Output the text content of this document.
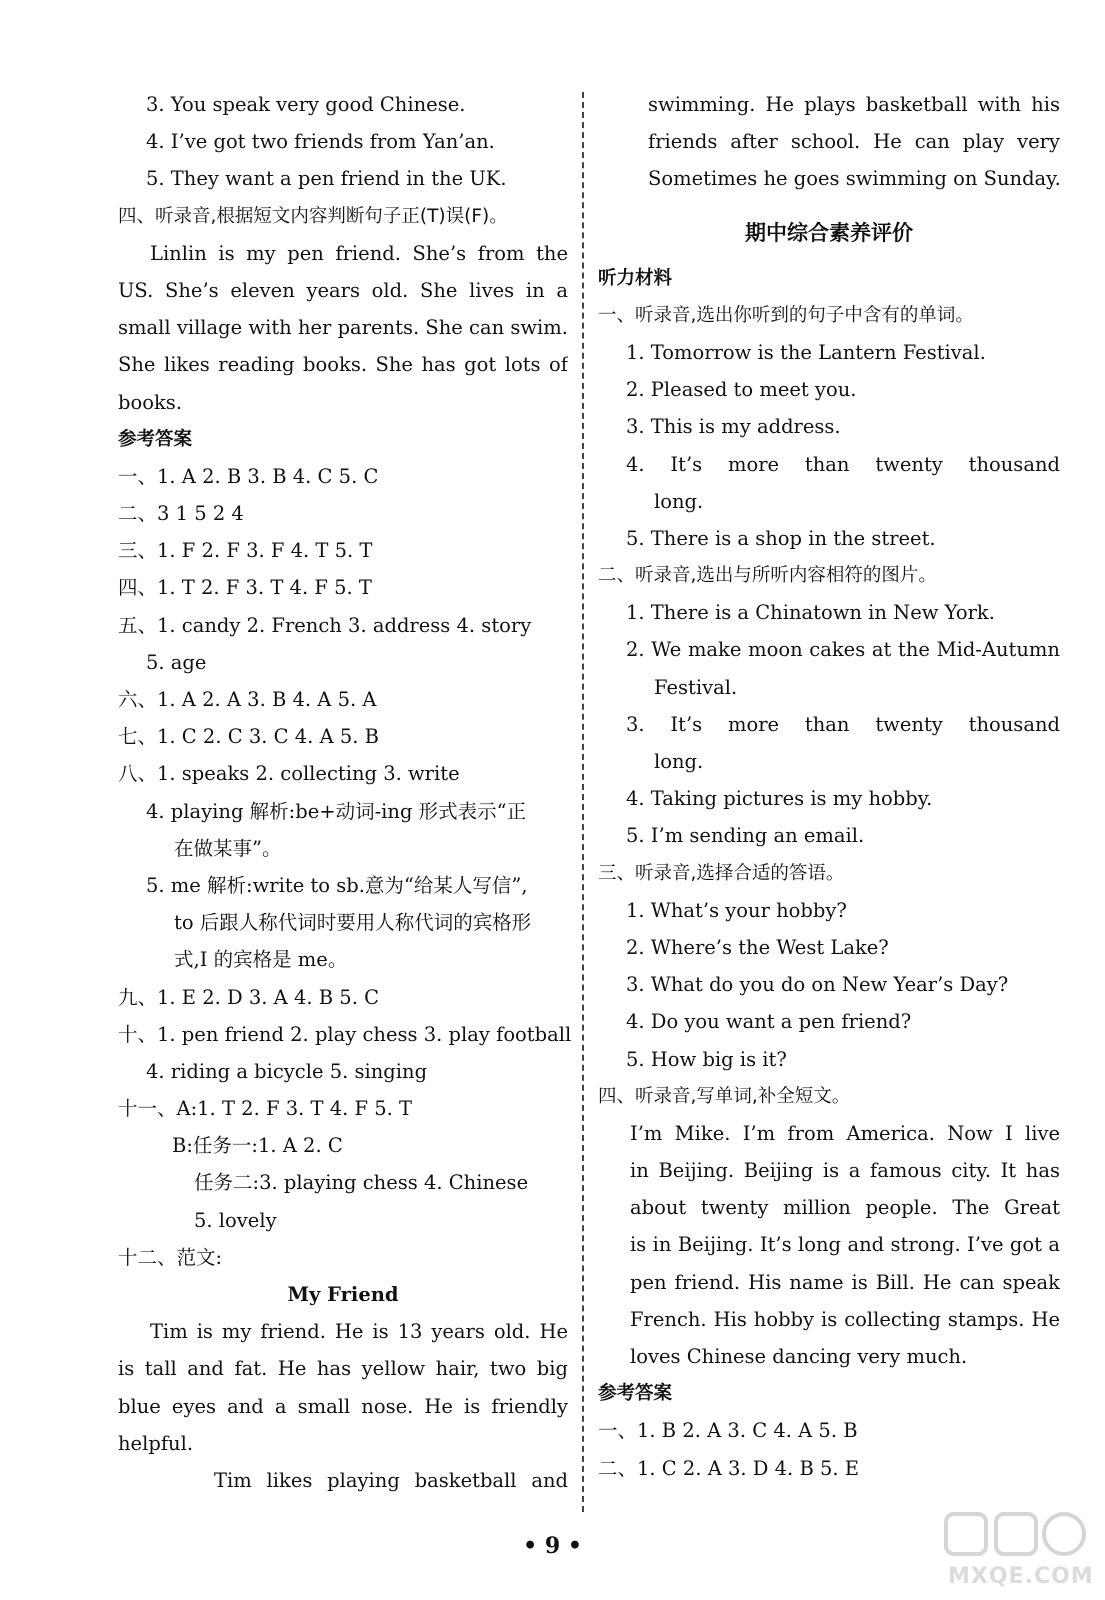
3. You speak very good Chinese.
4. I’ve got two friends from Yan’an.
5. They want a pen friend in the UK.
四、听录音,根据短文内容判断句子正(T)误(F)。
Linlin is my pen friend. She’s from the
US. She’s eleven years old. She lives in a
small village with her parents. She can swim.
She likes reading books. She has got lots of
books.
参考答案
一、1. A 2. B 3. B 4. C 5. C
二、3 1 5 2 4
三、1. F 2. F 3. F 4. T 5. T
四、1. T 2. F 3. T 4. F 5. T
五、1. candy 2. French 3. address 4. story
5. age
六、1. A 2. A 3. B 4. A 5. A
七、1. C 2. C 3. C 4. A 5. B
八、1. speaks 2. collecting 3. write
4. playing 解析:be+动词-ing 形式表示“正
在做某事”。
5. me 解析:write to sb.意为“给某人写信”,
to 后跟人称代词时要用人称代词的宾格形
式,I 的宾格是 me。
九、1. E 2. D 3. A 4. B 5. C
十、1. pen friend 2. play chess 3. play football
4. riding a bicycle 5. singing
十一、A:1. T 2. F 3. T 4. F 5. T
B:任务一:1. A 2. C
任务二:3. playing chess 4. Chinese
5. lovely
十二、范文:
My Friend
Tim is my friend. He is 13 years old. He
is tall and fat. He has yellow hair, two big
blue eyes and a small nose. He is friendly
helpful.
Tim likes playing basketball and
swimming. He plays basketball with his
friends after school. He can play very
Sometimes he goes swimming on Sunday.
期中综合素养评价
听力材料
一、听录音,选出你听到的句子中含有的单词。
1. Tomorrow is the Lantern Festival.
2. Pleased to meet you.
3. This is my address.
4. It’s more than twenty thousand
long.
5. There is a shop in the street.
二、听录音,选出与所听内容相符的图片。
1. There is a Chinatown in New York.
2. We make moon cakes at the Mid-Autumn
Festival.
3. It’s more than twenty thousand
long.
4. Taking pictures is my hobby.
5. I’m sending an email.
三、听录音,选择合适的答语。
1. What’s your hobby?
2. Where’s the West Lake?
3. What do you do on New Year’s Day?
4. Do you want a pen friend?
5. How big is it?
四、听录音,写单词,补全短文。
I’m Mike. I’m from America. Now I live
in Beijing. Beijing is a famous city. It has
about twenty million people. The Great
is in Beijing. It’s long and strong. I’ve got a
pen friend. His name is Bill. He can speak
French. His hobby is collecting stamps. He
loves Chinese dancing very much.
参考答案
一、1. B 2. A 3. C 4. A 5. B
二、1. C 2. A 3. D 4. B 5. E
• 9 •
MXQE.COM
